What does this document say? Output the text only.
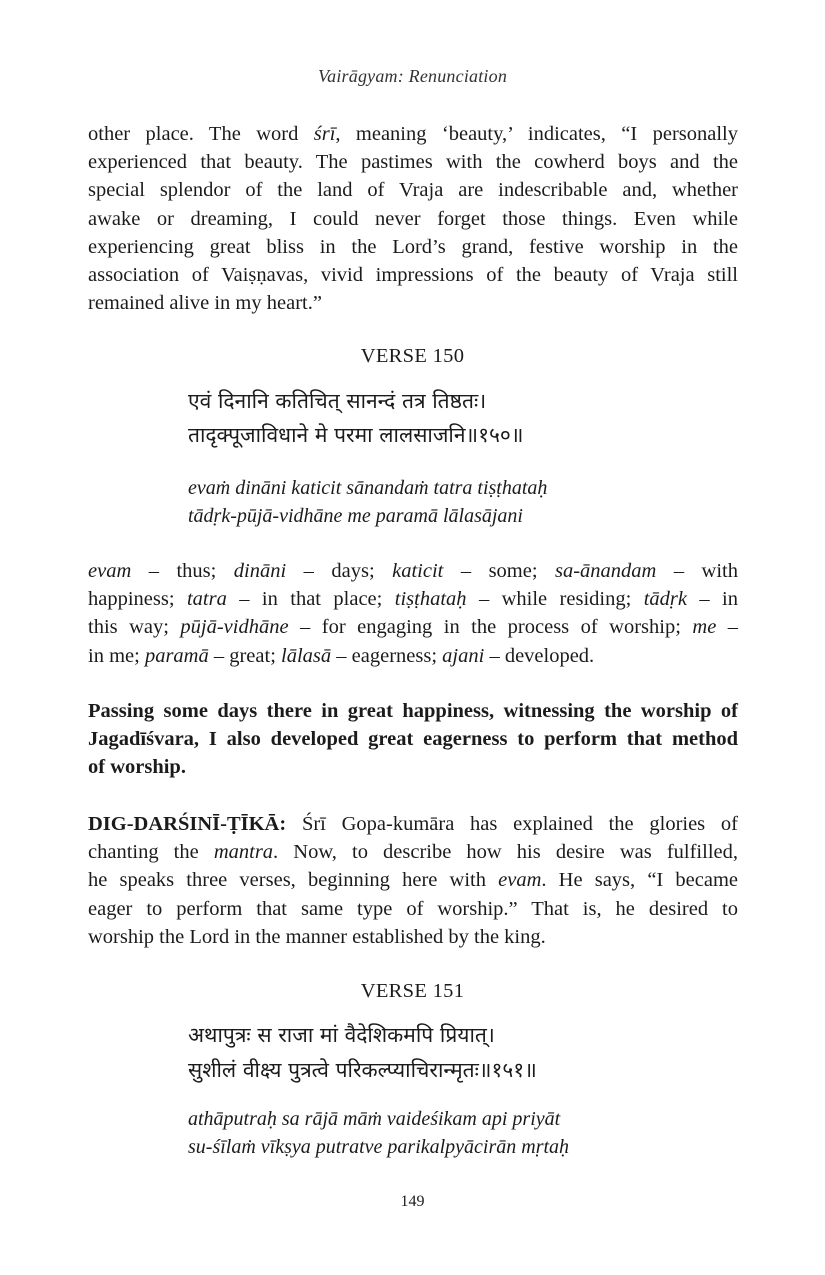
Vairāgyam: Renunciation
other place. The word śrī, meaning ‘beauty,’ indicates, “I personally
experienced that beauty. The pastimes with the cowherd boys and the
special splendor of the land of Vraja are indescribable and, whether
awake or dreaming, I could never forget those things. Even while
experiencing great bliss in the Lord’s grand, festive worship in the
association of Vaiṣṇavas, vivid impressions of the beauty of Vraja still
remained alive in my heart.”
VERSE 150
एवं दिनानि कतिचित् सानन्दं तत्र तिष्ठतः।
तादृक्पूजाविधाने मे परमा लालसाजनि॥१५०॥
evaṁ dināni katicit sānandaṁ tatra tiṣṭhataḥ
tādṛk-pūjā-vidhāne me paramā lālasājani
evam – thus; dināni – days; katicit – some; sa-ānandam – with
happiness; tatra – in that place; tiṣṭhataḥ – while residing; tādṛk – in
this way; pūjā-vidhāne – for engaging in the process of worship; me –
in me; paramā – great; lālasā – eagerness; ajani – developed.
Passing some days there in great happiness, witnessing the worship of
Jagadīśvara, I also developed great eagerness to perform that method
of worship.
DIG-DARŚINĪ-ṬĪKĀ: Śrī Gopa-kumāra has explained the glories of
chanting the mantra. Now, to describe how his desire was fulfilled,
he speaks three verses, beginning here with evam. He says, “I became
eager to perform that same type of worship.” That is, he desired to
worship the Lord in the manner established by the king.
VERSE 151
अथापुत्रः स राजा मां वैदेशिकमपि प्रियात्।
सुशीलं वीक्ष्य पुत्रत्वे परिकल्प्याचिरान्मृतः॥१५१॥
athāputraḥ sa rājā māṁ vaideśikam api priyāt
su-śīlaṁ vīkṣya putratve parikalpyācirān mṛtaḥ
149
